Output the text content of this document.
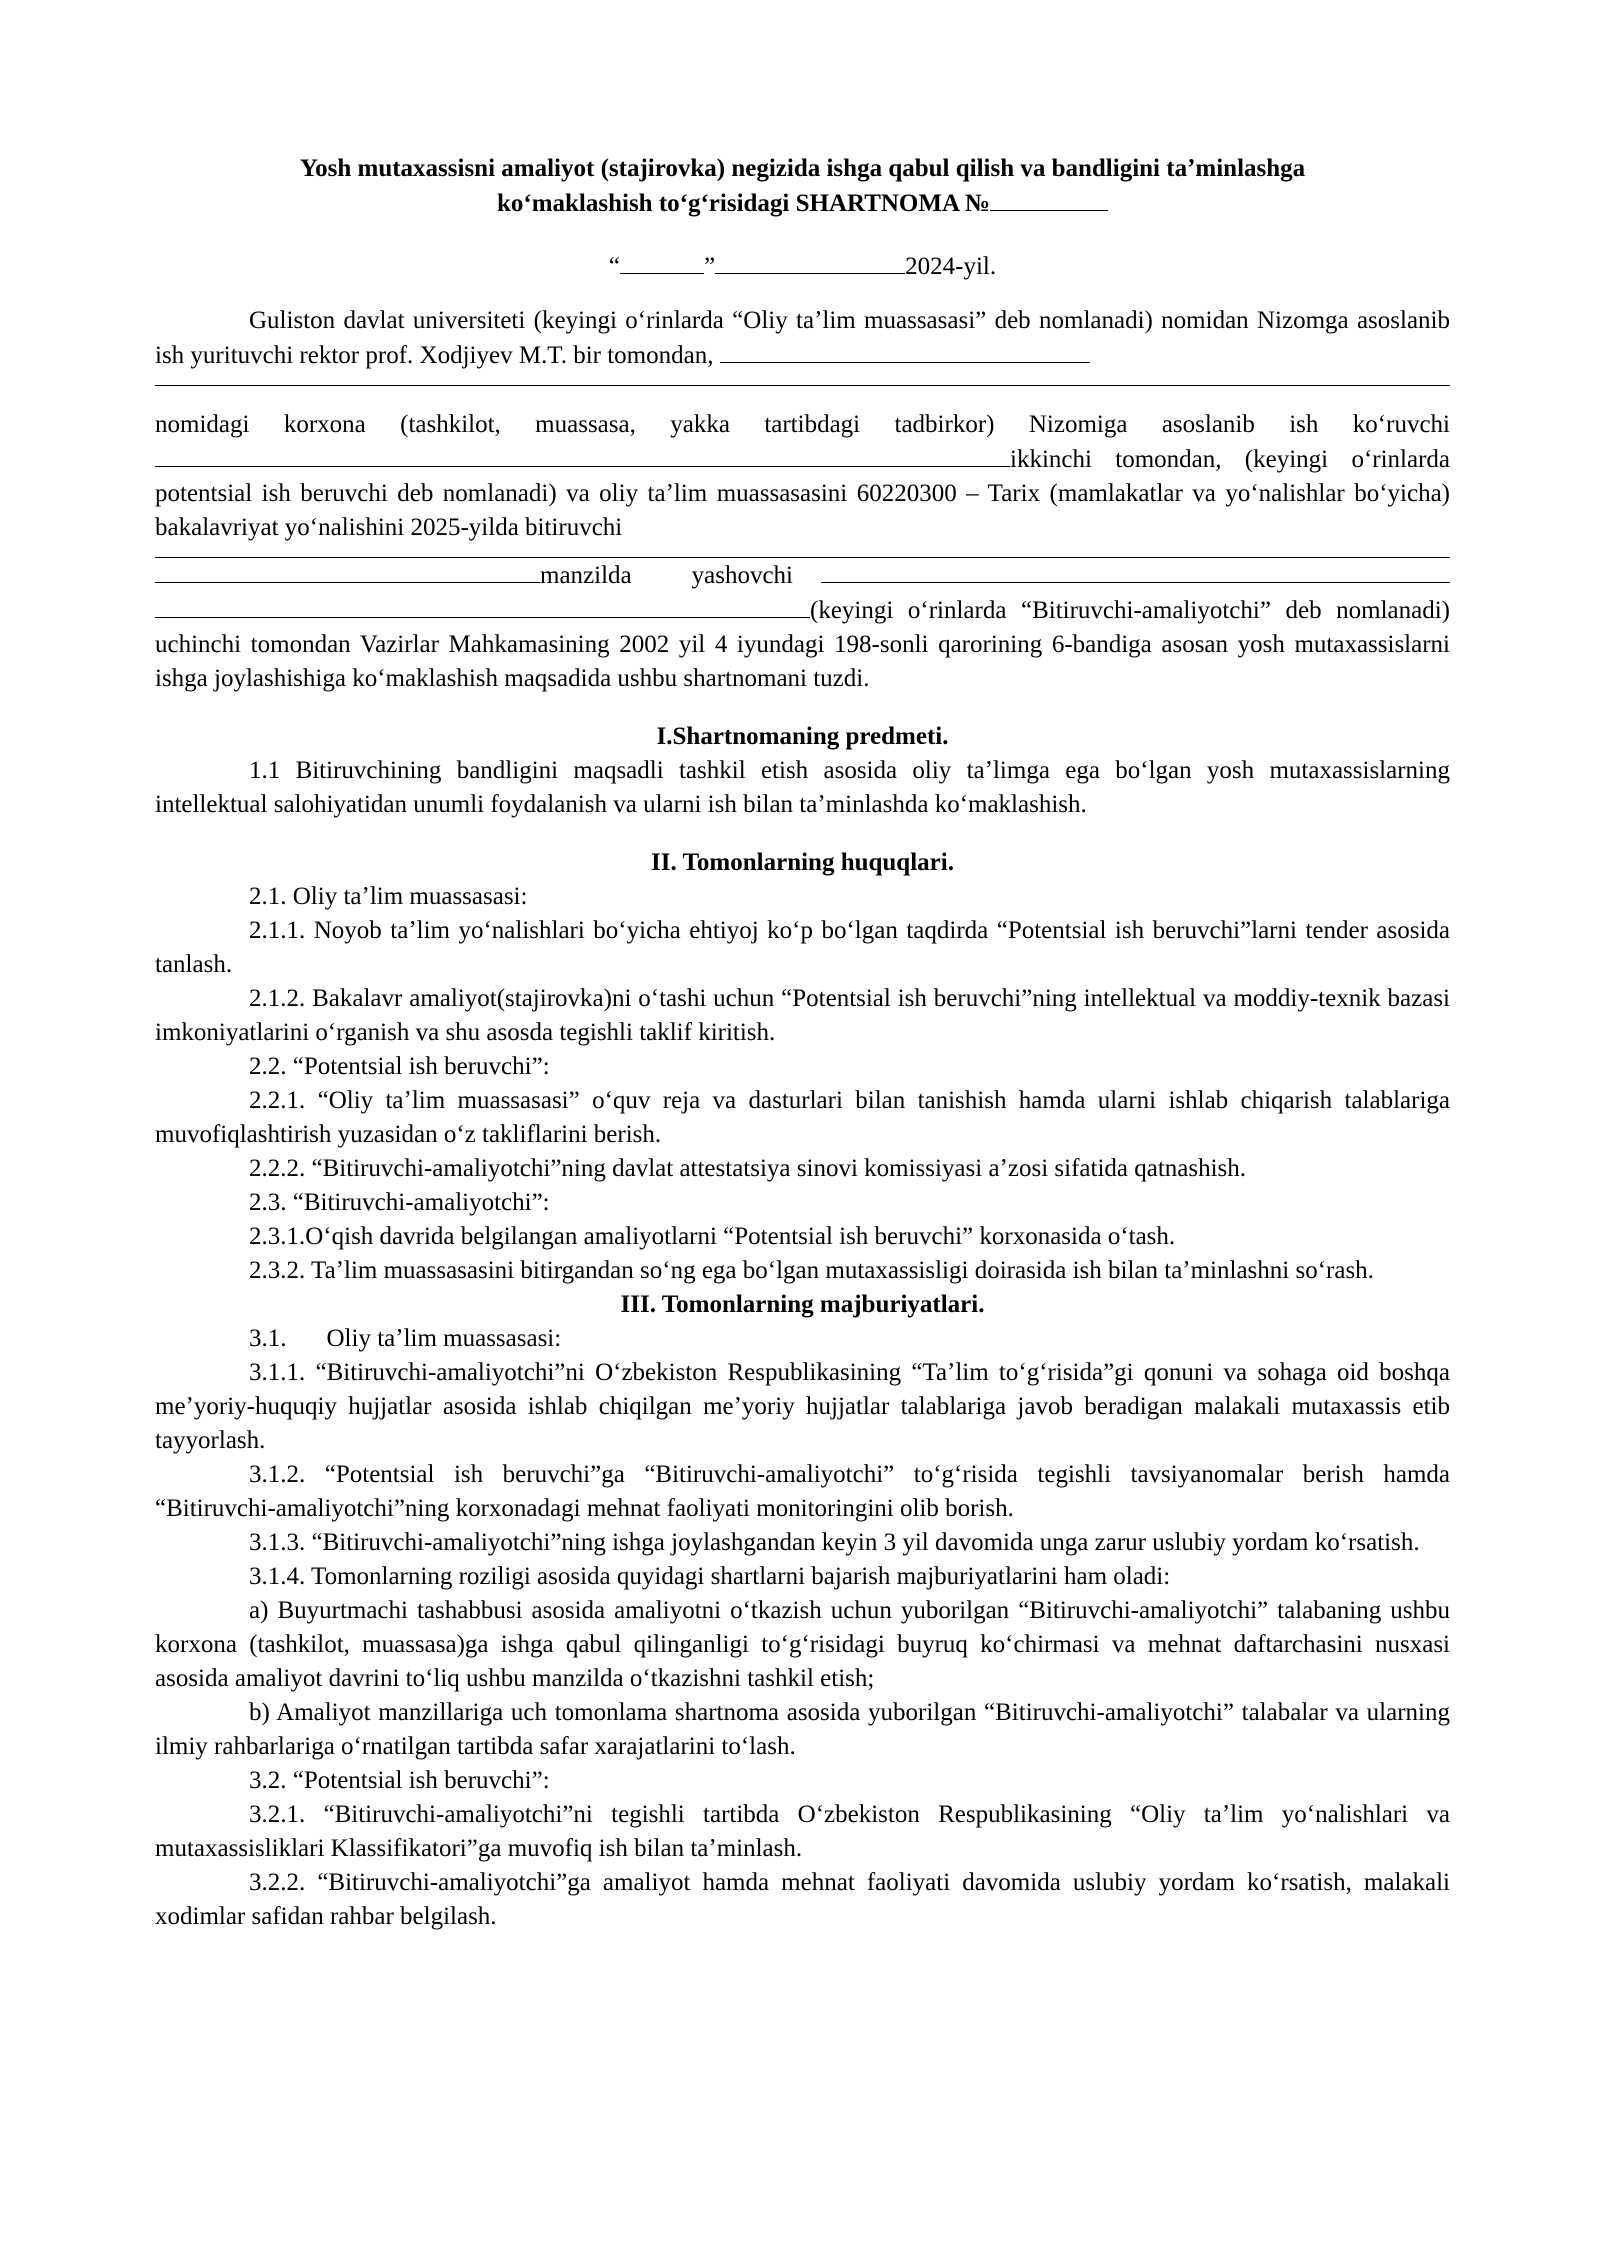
Yosh mutaxassisni amaliyot (stajirovka) negizida ishga qabul qilish va bandligini taʼminlashga

koʻmaklashish toʻgʻrisidagi SHARTNOMA №

“	”	2024-yil.

Guliston davlat universiteti (keyingi oʻrinlarda “Oliy taʼlim muassasasi” deb nomlanadi) nomidan Nizomga asoslanib ish yurituvchi rektor prof. Xodjiyev M.T. bir tomondan,

nomidagi korxona (tashkilot, muassasa, yakka tartibdagi tadbirkor) Nizomiga asoslanib ish koʻruvchiikkinchi tomondan, (keyingi oʻrinlarda potentsial ish beruvchi deb nomlanadi) va oliy taʼlim muassasasini 60220300 – Tarix (mamlakatlar va yoʻnalishlar boʻyicha) bakalavriyat yoʻnalishini 2025-yilda bitiruvchi

manzilda yashovchi

(keyingi oʻrinlarda “Bitiruvchi-amaliyotchi” deb nomlanadi) uchinchi tomondan Vazirlar Mahkamasining 2002 yil 4 iyundagi 198-sonli qarorining 6-bandiga asosan yosh mutaxassislarni ishga joylashishiga koʻmaklashish maqsadida ushbu shartnomani tuzdi.

I.Shartnomaning predmeti.

1.1 Bitiruvchining bandligini maqsadli tashkil etish asosida oliy taʼlimga ega boʻlgan yosh mutaxassislarning intellektual salohiyatidan unumli foydalanish va ularni ish bilan taʼminlashda koʻmaklashish.

II. Tomonlarning huquqlari.

2.1. Oliy taʼlim muassasasi:

2.1.1. Noyob taʼlim yoʻnalishlari boʻyicha ehtiyoj koʻp boʻlgan taqdirda “Potentsial ish beruvchi”larni tender asosida tanlash.

2.1.2. Bakalavr amaliyot(stajirovka)ni oʻtashi uchun “Potentsial ish beruvchi”ning intellektual va moddiy-texnik bazasi imkoniyatlarini oʻrganish va shu asosda tegishli taklif kiritish.

2.2. “Potentsial ish beruvchi”:

2.2.1. “Oliy taʼlim muassasasi” oʻquv reja va dasturlari bilan tanishish hamda ularni ishlab chiqarish talablariga muvofiqlashtirish yuzasidan oʻz takliflarini berish.

2.2.2. “Bitiruvchi-amaliyotchi”ning davlat attestatsiya sinovi komissiyasi aʼzosi sifatida qatnashish.

2.3. “Bitiruvchi-amaliyotchi”:

2.3.1.Oʻqish davrida belgilangan amaliyotlarni “Potentsial ish beruvchi” korxonasida oʻtash.

2.3.2. Taʼlim muassasasini bitirgandan soʻng ega boʻlgan mutaxassisligi doirasida ish bilan taʼminlashni soʻrash.

III. Tomonlarning majburiyatlari.

3.1. Oliy taʼlim muassasasi:

3.1.1. “Bitiruvchi-amaliyotchi”ni Oʻzbekiston Respublikasining “Taʼlim toʻgʻrisida”gi qonuni va sohaga oid boshqa meʼyoriy-huquqiy hujjatlar asosida ishlab chiqilgan meʼyoriy hujjatlar talablariga javob beradigan malakali mutaxassis etib tayyorlash.

3.1.2. “Potentsial ish beruvchi”ga “Bitiruvchi-amaliyotchi” toʻgʻrisida tegishli tavsiyanomalar berish hamda “Bitiruvchi-amaliyotchi”ning korxonadagi mehnat faoliyati monitoringini olib borish.

3.1.3. “Bitiruvchi-amaliyotchi”ning ishga joylashgandan keyin 3 yil davomida unga zarur uslubiy yordam koʻrsatish.

3.1.4. Tomonlarning roziligi asosida quyidagi shartlarni bajarish majburiyatlarini ham oladi:

a) Buyurtmachi tashabbusi asosida amaliyotni oʻtkazish uchun yuborilgan “Bitiruvchi-amaliyotchi” talabaning ushbu korxona (tashkilot, muassasa)ga ishga qabul qilinganligi toʻgʻrisidagi buyruq koʻchirmasi va mehnat daftarchasini nusxasi asosida amaliyot davrini toʻliq ushbu manzilda oʻtkazishni tashkil etish;

b) Amaliyot manzillariga uch tomonlama shartnoma asosida yuborilgan “Bitiruvchi-amaliyotchi” talabalar va ularning ilmiy rahbarlariga oʻrnatilgan tartibda safar xarajatlarini toʻlash.

3.2. “Potentsial ish beruvchi”:

3.2.1. “Bitiruvchi-amaliyotchi”ni tegishli tartibda Oʻzbekiston Respublikasining “Oliy taʼlim yoʻnalishlari va mutaxassisliklari Klassifikatori”ga muvofiq ish bilan taʼminlash.

3.2.2. “Bitiruvchi-amaliyotchi”ga amaliyot hamda mehnat faoliyati davomida uslubiy yordam koʻrsatish, malakali xodimlar safidan rahbar belgilash.
